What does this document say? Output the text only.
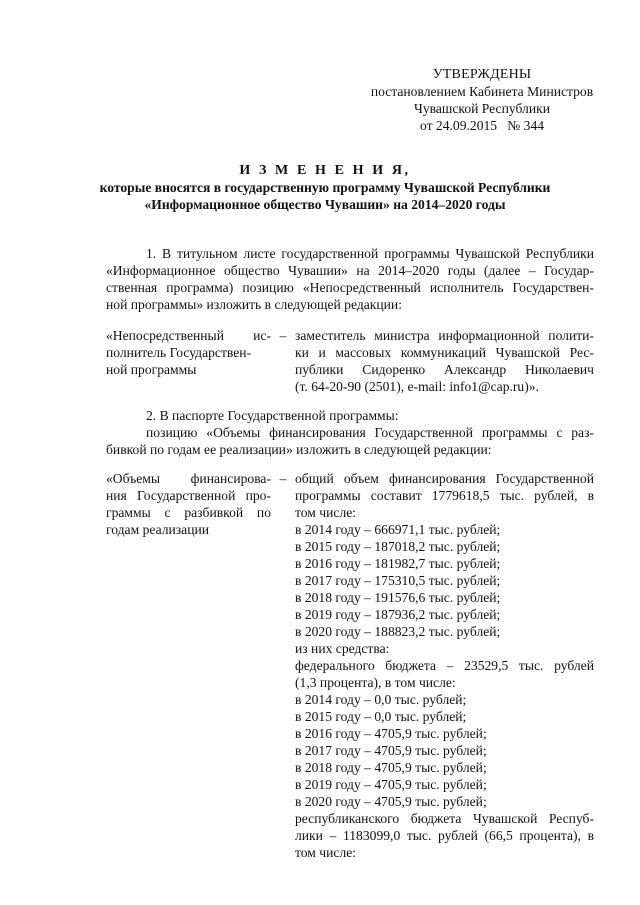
УТВЕРЖДЕНЫ
постановлением Кабинета Министров
Чувашской Республики
от 24.09.2015   № 344
И З М Е Н Е Н И Я,
которые вносятся в государственную программу Чувашской Республики
«Информационное общество Чувашии» на 2014–2020 годы
1. В титульном листе государственной программы Чувашской Республики
«Информационное общество Чувашии» на 2014–2020 годы (далее – Государ-
ственная программа) позицию «Непосредственный исполнитель Государствен-
ной программы» изложить в следующей редакции:
«Непосредственный ис-
полнитель Государствен-
ной программы
– заместитель министра информационной полити-
ки и массовых коммуникаций Чувашской Рес-
публики Сидоренко Александр Николаевич
(т. 64-20-90 (2501), e-mail: info1@cap.ru)».
2. В паспорте Государственной программы:
позицию «Объемы финансирования Государственной программы с раз-
бивкой по годам ее реализации» изложить в следующей редакции:
«Объемы финансирова-
ния Государственной про-
граммы с разбивкой по
годам реализации
– общий объем финансирования Государственной
программы составит 1779618,5 тыс. рублей, в
том числе:
в 2014 году – 666971,1 тыс. рублей;
в 2015 году – 187018,2 тыс. рублей;
в 2016 году – 181982,7 тыс. рублей;
в 2017 году – 175310,5 тыс. рублей;
в 2018 году – 191576,6 тыс. рублей;
в 2019 году – 187936,2 тыс. рублей;
в 2020 году – 188823,2 тыс. рублей;
из них средства:
федерального бюджета – 23529,5 тыс. рублей
(1,3 процента), в том числе:
в 2014 году – 0,0 тыс. рублей;
в 2015 году – 0,0 тыс. рублей;
в 2016 году – 4705,9 тыс. рублей;
в 2017 году – 4705,9 тыс. рублей;
в 2018 году – 4705,9 тыс. рублей;
в 2019 году – 4705,9 тыс. рублей;
в 2020 году – 4705,9 тыс. рублей;
республиканского бюджета Чувашской Респуб-
лики – 1183099,0 тыс. рублей (66,5 процента), в
том числе:
